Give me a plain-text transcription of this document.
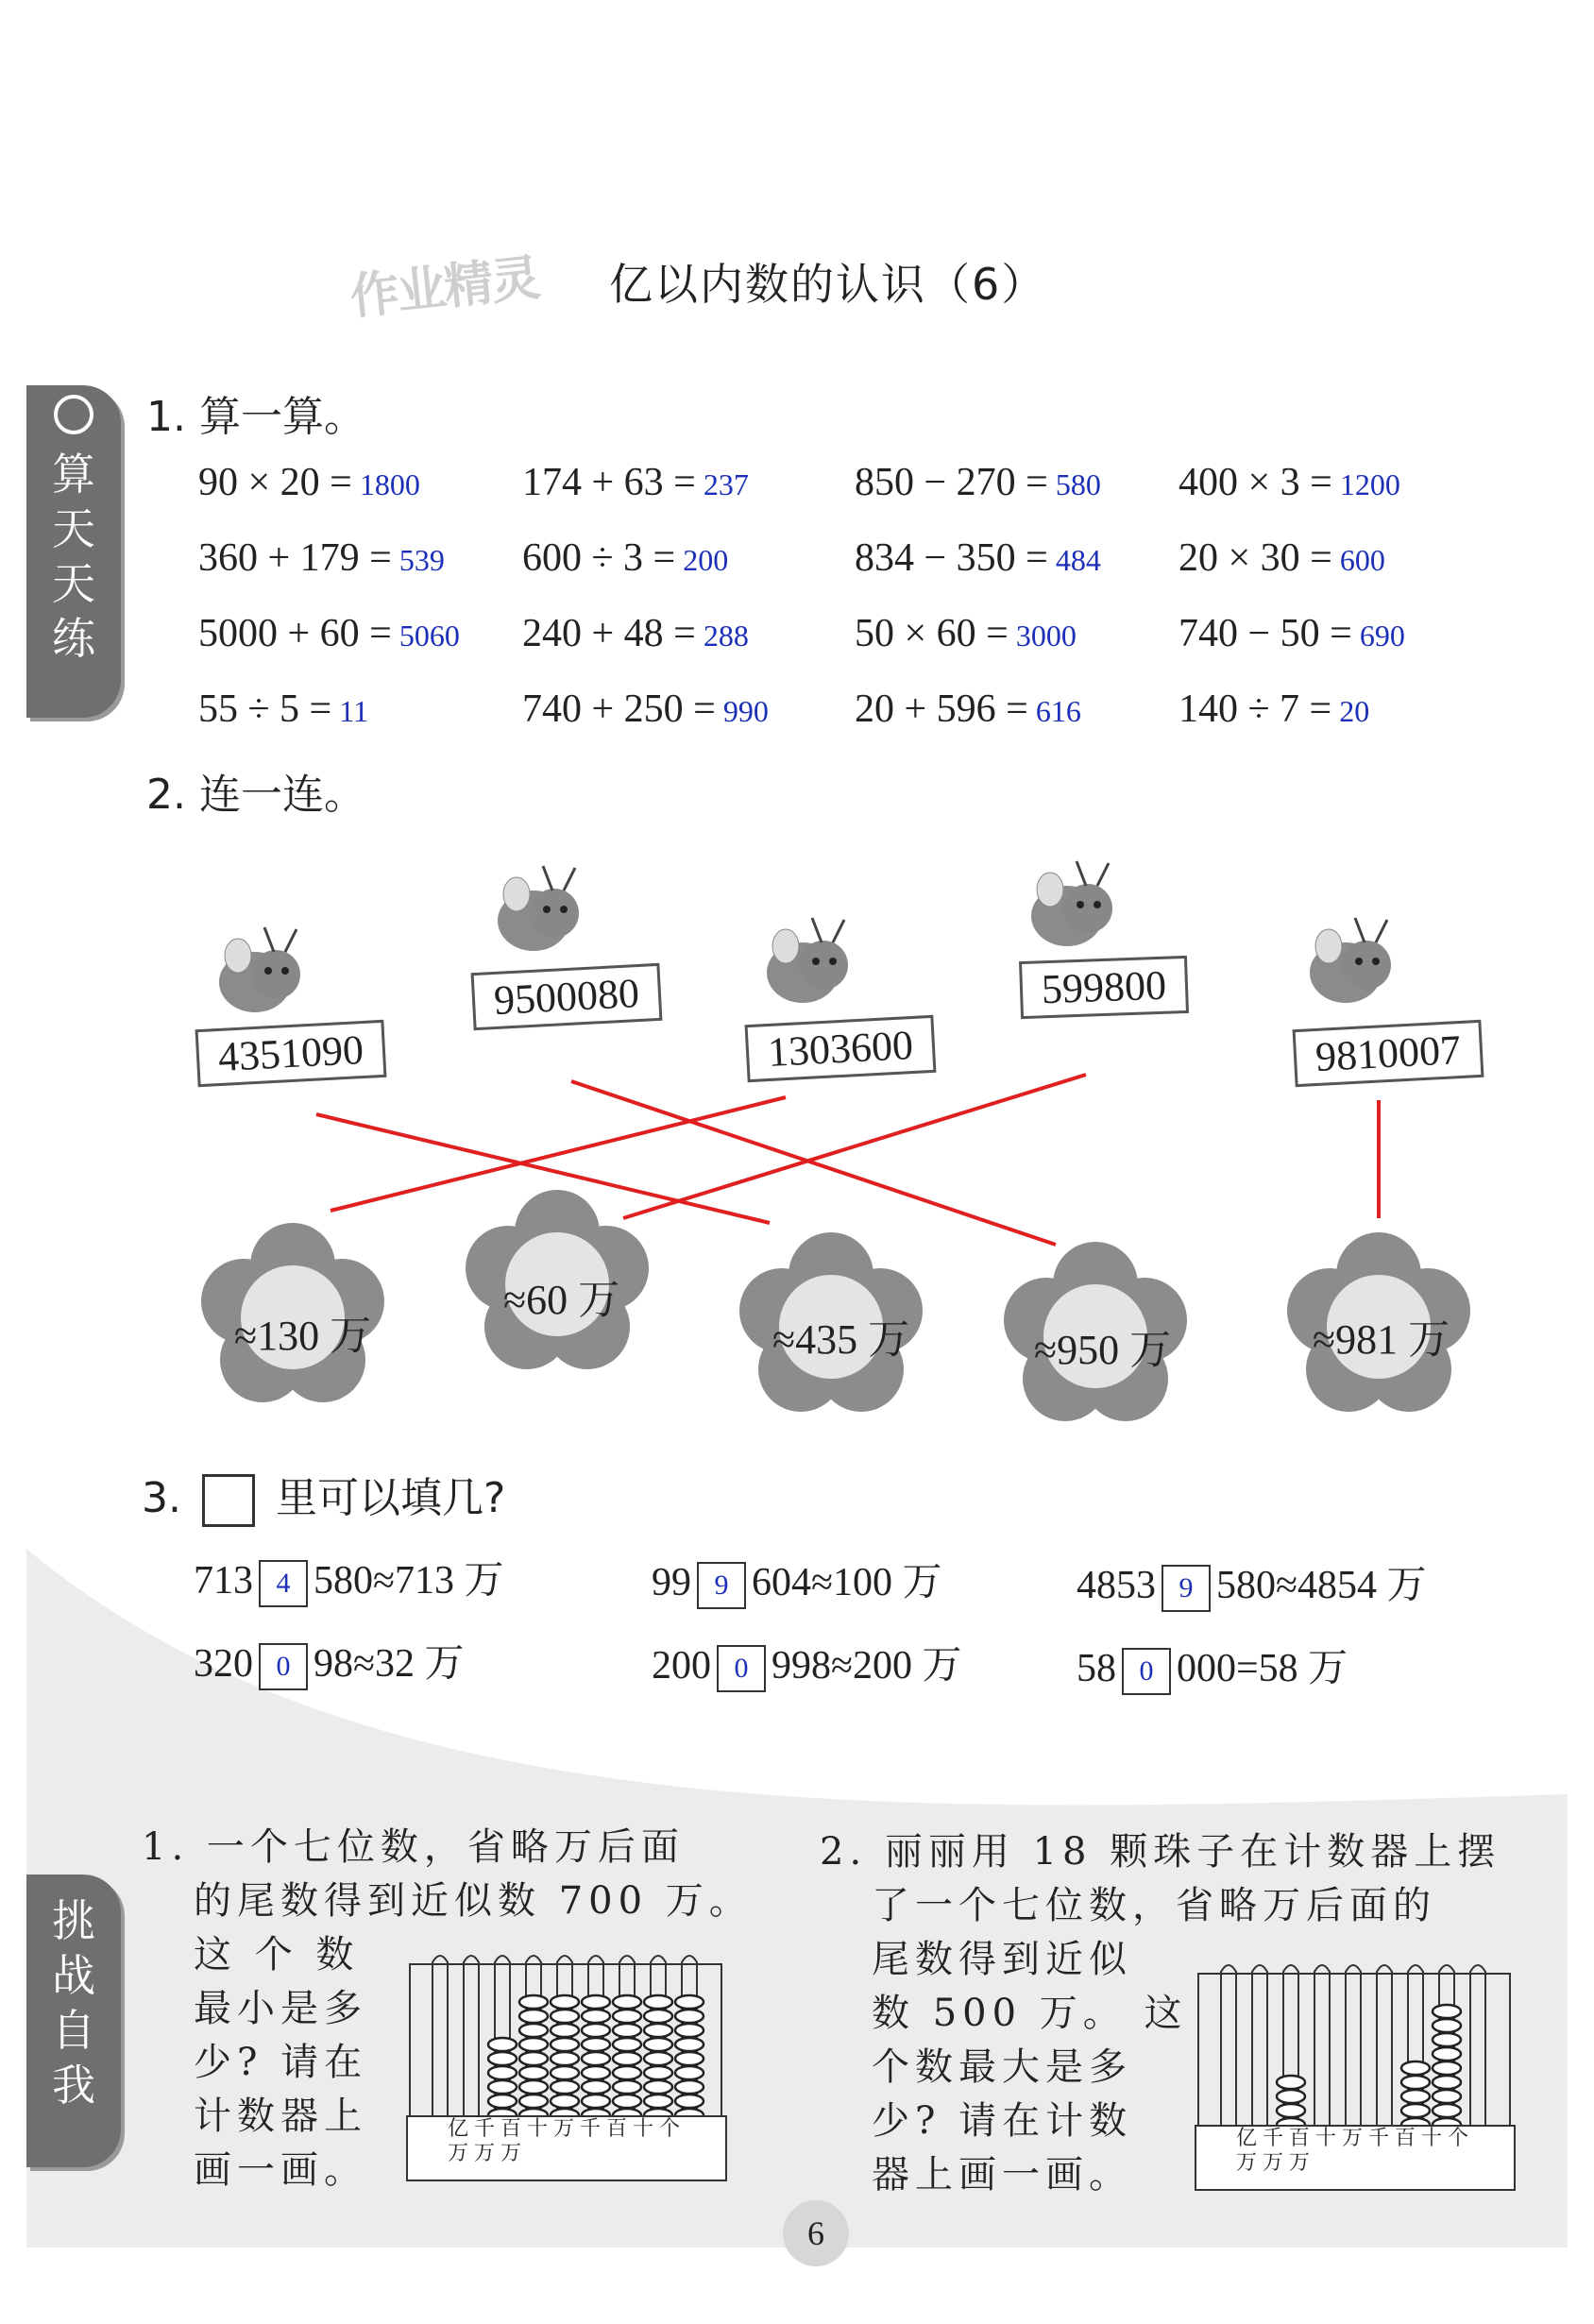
作业精灵 亿以内数的认识（6）
算
天
天
练
1. 算一算。
2. 连一连。
4351090
9500080
1303600
599800
9810007
≈130 万
≈60 万
≈435 万	≈950 万	≈981 万
3. 里可以填几?
挑
战
自
我
1. 一个七位数，省略万后面
的尾数得到近似数 700 万。
这 个 数
最小是多
少? 请在
计数器上
画一画。
2. 丽丽用 18 颗珠子在计数器上摆
了一个七位数，省略万后面的
尾数得到近似
数 500 万。 这
个数最大是多
少? 请在计数
器上画一画。
亿千百十万千百十个
万万万
亿千百十万千百十个
万万万
6
90 × 20 = 1800	174 + 63 = 237	850 − 270 = 580 400 × 3 = 1200
360 + 179 = 539 600 ÷ 3 = 200	834 − 350 = 484 20 × 30 = 600
5000 + 60 = 5060 240 + 48 = 288	50 × 60 = 3000	740 − 50 = 690
55 ÷ 5 = 11	740 + 250 = 990 20 + 596 = 616 140 ÷ 7 = 20
713 4 580≈713 万	99 9 604≈100 万	4853 9 580≈4854 万
320 0 98≈32 万	200 0 998≈200 万	58 0 000=58 万
